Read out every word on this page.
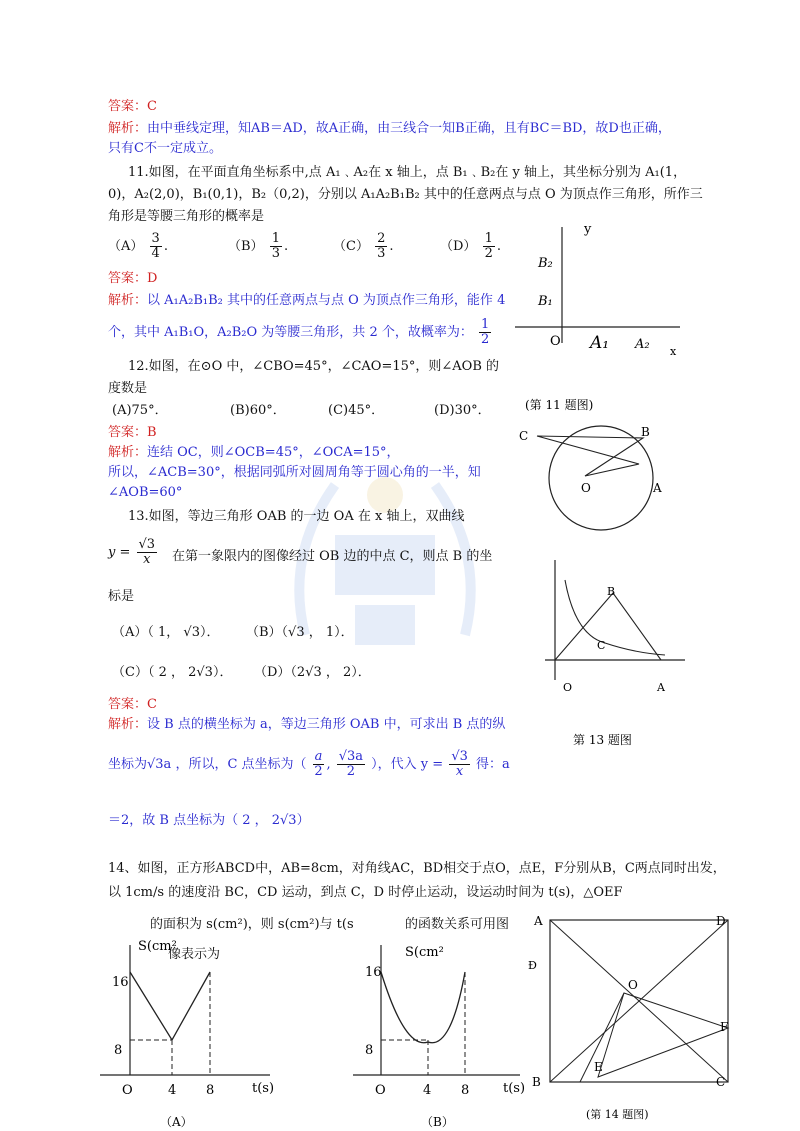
答案：C
解析：由中垂线定理，知AB＝AD，故A正确，由三线合一知B正确，且有BC＝BD，故D也正确，
只有C不一定成立。
11.如图，在平面直角坐标系中,点 A₁﹑A₂在 x 轴上，点 B₁﹑B₂在 y 轴上，其坐标分别为 A₁(1，
0)，A₂(2,0)，B₁(0,1)，B₂（0,2)，分别以 A₁A₂B₁B₂ 其中的任意两点与点 O 为顶点作三角形，所作三
角形是等腰三角形的概率是
$(A) \frac{3}{4}$ .	$(B) \frac{1}{3}$ .	$(C) \frac{2}{3}$ .	$(D) \frac{1}{2}$ .
答案：D
解析：以 A₁A₂B₁B₂ 其中的任意两点与点 O 为顶点作三角形，能作 4
个，其中 A₁B₁O，A₂B₂O 为等腰三角形，共 2 个，故概率为： $\frac{1}{2}$
y
B₂
B₁
O A₁ A₂ x
(第 11 题图)
12.如图，在⊙O 中，∠CBO=45°，∠CAO=15°，则∠AOB 的
度数是
(A)75°．	(B)60°．	(C)45°．	(D)30°．
答案：B
解析：连结 OC，则∠OCB=45°，∠OCA=15°，
所以，∠ACB=30°，根据同弧所对圆周角等于圆心角的一半，知
∠AOB=60°
C	B
O	A
13.如图，等边三角形 OAB 的一边 OA 在 x 轴上，双曲线
$y = \frac{√3}{x}$ 在第一象限内的图像经过 OB 边的中点 C，则点 B 的坐
标是
（A）（ 1， √3）． （B）（√3 ， 1）．
（C）（ 2 ， 2√3）． （D）（2√3 ， 2）．
答案：C
解析：设 B 点的横坐标为 a，等边三角形 OAB 中，可求出 B 点的纵
坐标为√3a ，所以，C 点坐标为（ $\frac{a}{2}$ , $\frac{√3a}{2}$ ），代入 $y = \frac{√3}{x}$ 得：a
＝2，故 B 点坐标为（ 2 ， 2√3）
B
C
O	A
第 13 题图
14、如图，正方形ABCD中，AB=8cm，对角线AC，BD相交于点O，点E，F分别从B，C两点同时出发，
以 1cm/s 的速度沿 BC，CD 运动，到点 C，D 时停止运动，设运动时间为 t(s)，△OEF
的面积为 s(cm²)，则 s(cm²)与 t(s	的函数关系可用图
像表示为
S(cm²
16
8
O	4 8	t(s)
（A）
S(cm²
16
8
O	4 8	t(s)
（B）
A	D
O
F
B
E
C
Ð
(第 14 题图)
